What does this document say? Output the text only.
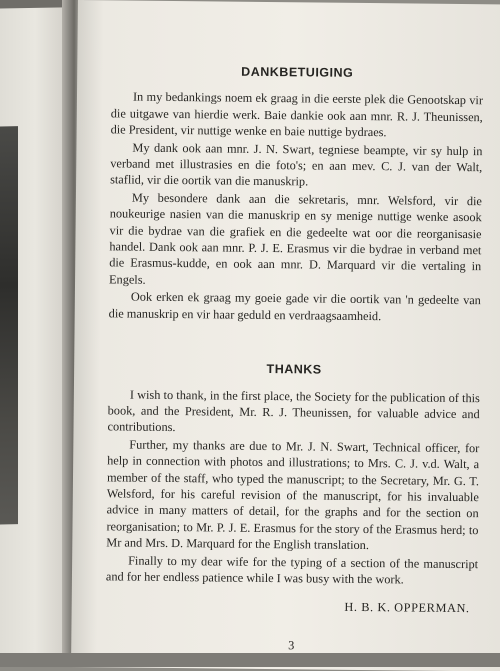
DANKBETUIGING

In my bedankings noem ek graag in die eerste plek die Genootskap vir die uitgawe van hierdie werk. Baie dankie ook aan mnr. R. J. Theunissen, die President, vir nuttige wenke en baie nuttige bydraes.

My dank ook aan mnr. J. N. Swart, tegniese beampte, vir sy hulp in verband met illustrasies en die foto's; en aan mev. C. J. van der Walt, staflid, vir die oortik van die manuskrip.

My besondere dank aan die sekretaris, mnr. Welsford, vir die noukeurige nasien van die manuskrip en sy menige nuttige wenke asook vir die bydrae van die grafiek en die gedeelte wat oor die reorganisasie handel. Dank ook aan mnr. P. J. E. Erasmus vir die bydrae in verband met die Erasmus-kudde, en ook aan mnr. D. Marquard vir die vertaling in Engels.

Ook erken ek graag my goeie gade vir die oortik van 'n gedeelte van die manuskrip en vir haar geduld en verdraagsaamheid.

THANKS

I wish to thank, in the first place, the Society for the publication of this book, and the President, Mr. R. J. Theunissen, for valuable advice and contributions.

Further, my thanks are due to Mr. J. N. Swart, Technical officer, for help in connection with photos and illustrations; to Mrs. C. J. v.d. Walt, a member of the staff, who typed the manuscript; to the Secretary, Mr. G. T. Welsford, for his careful revision of the manuscript, for his invaluable advice in many matters of detail, for the graphs and for the section on reorganisation; to Mr. P. J. E. Erasmus for the story of the Erasmus herd; to Mr and Mrs. D. Marquard for the English translation.

Finally to my dear wife for the typing of a section of the manuscript and for her endless patience while I was busy with the work.

H. B. K. OPPERMAN.
3
